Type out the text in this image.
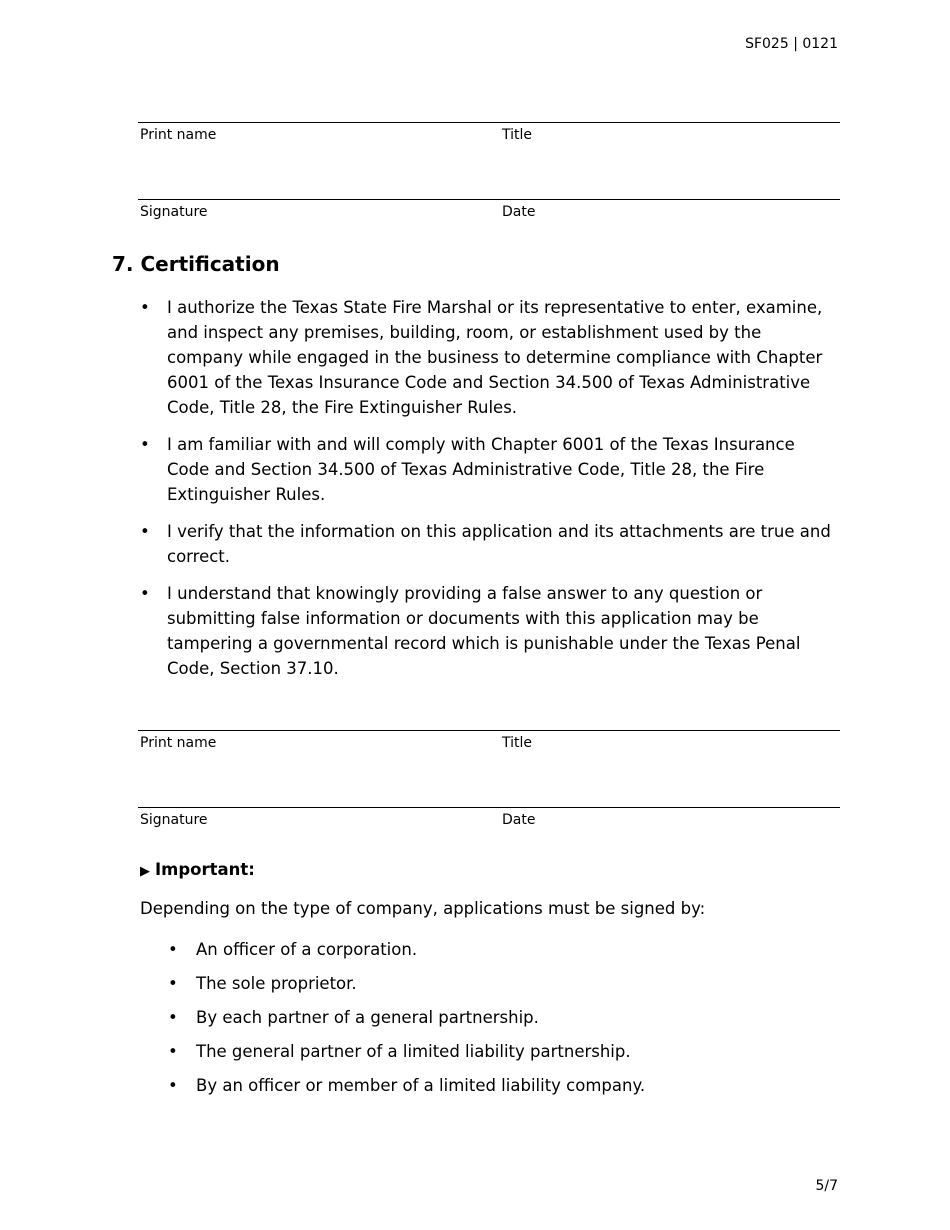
SF025 | 0121
Print name	Title
Signature	Date
7. Certification
• I authorize the Texas State Fire Marshal or its representative to enter, examine, and inspect any premises, building, room, or establishment used by the company while engaged in the business to determine compliance with Chapter 6001 of the Texas Insurance Code and Section 34.500 of Texas Administrative Code, Title 28, the Fire Extinguisher Rules.
• I am familiar with and will comply with Chapter 6001 of the Texas Insurance Code and Section 34.500 of Texas Administrative Code, Title 28, the Fire Extinguisher Rules.
• I verify that the information on this application and its attachments are true and correct.
• I understand that knowingly providing a false answer to any question or submitting false information or documents with this application may be tampering a governmental record which is punishable under the Texas Penal Code, Section 37.10.
Print name	Title
Signature	Date
▶ Important:
Depending on the type of company, applications must be signed by:
• An officer of a corporation.
• The sole proprietor.
• By each partner of a general partnership.
• The general partner of a limited liability partnership.
• By an officer or member of a limited liability company.
5/7
